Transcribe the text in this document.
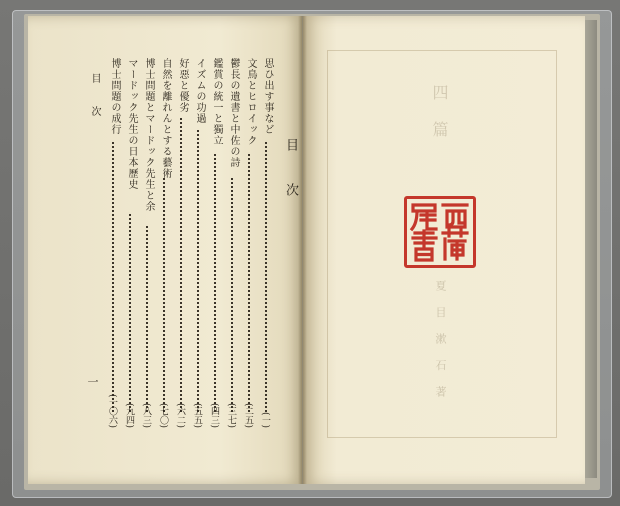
目 次
目 次
一
思ひ出す事など
(一)
文鳥とヒロイック
(二五)
鬱長の遺書と中佐の詩
(三七)
鑑賞の統一と獨立
(四三)
イズムの功過
(五五)
好惡と優劣
(六二)
自然を離れんとする藝術
(七〇)
博士問題とマードック先生と余
(八三)
マードック先生の日本歷史
(九四)
博士問題の成行
(一〇六)
四 篇
夏 目 漱 石 著
